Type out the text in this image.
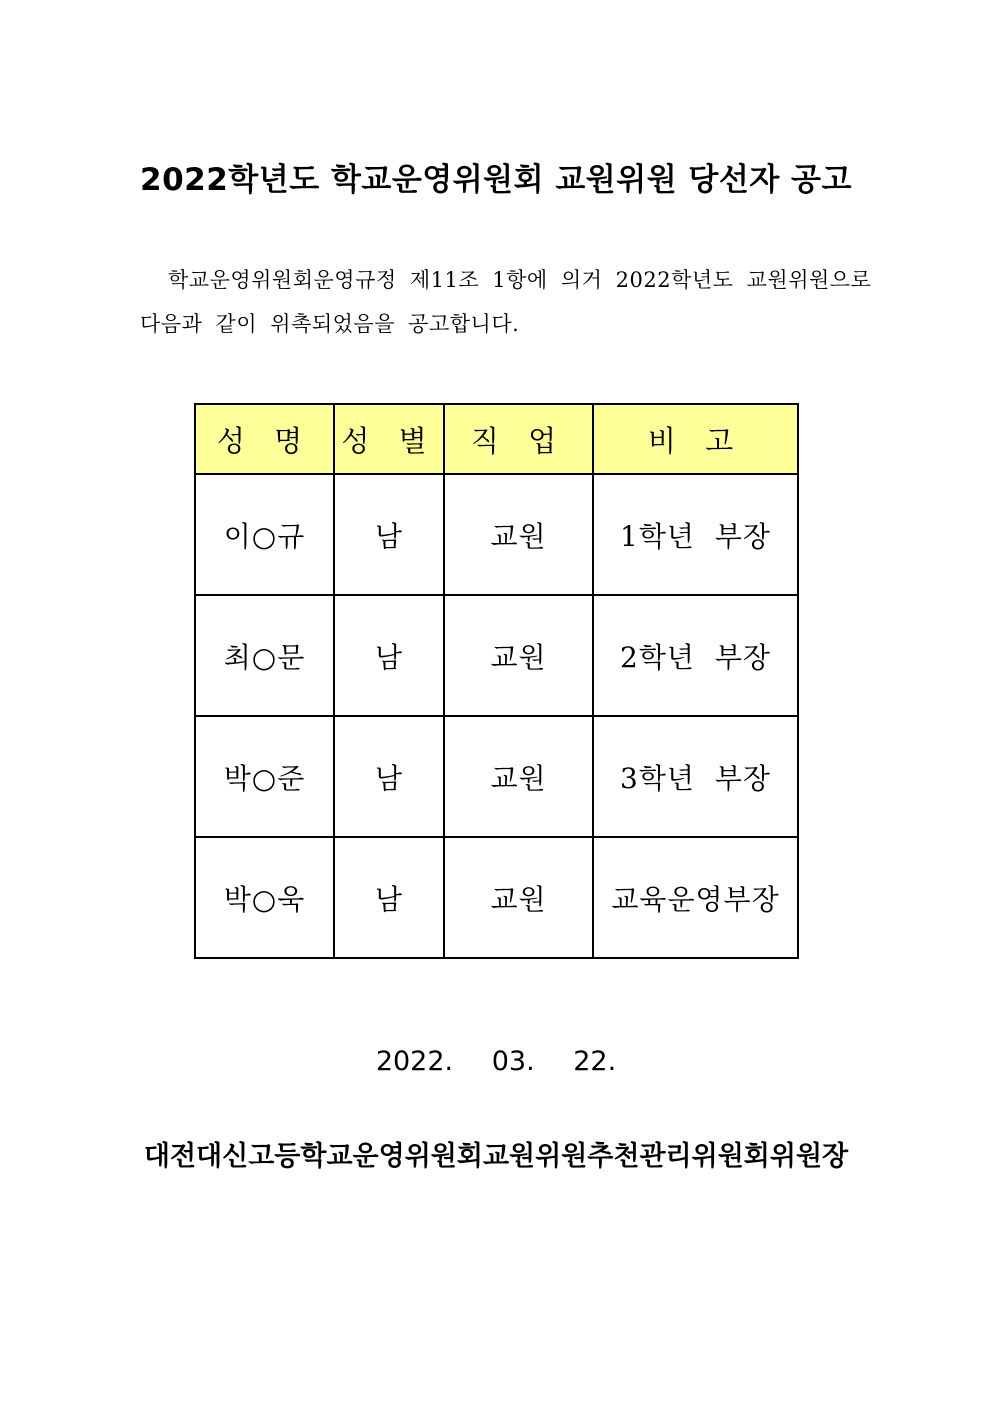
2022학년도 학교운영위원회 교원위원 당선자 공고
학교운영위원회운영규정 제11조 1항에 의거 2022학년도 교원위원으로
다음과 같이 위촉되었음을 공고합니다.
성 명	성 별	직 업	비 고
이○규	남	교원	1학년 부장
최○문	남	교원	2학년 부장
박○준	남	교원	3학년 부장
박○욱	남	교원	교육운영부장
2022. 03. 22.
대전대신고등학교운영위원회교원위원추천관리위원회위원장
